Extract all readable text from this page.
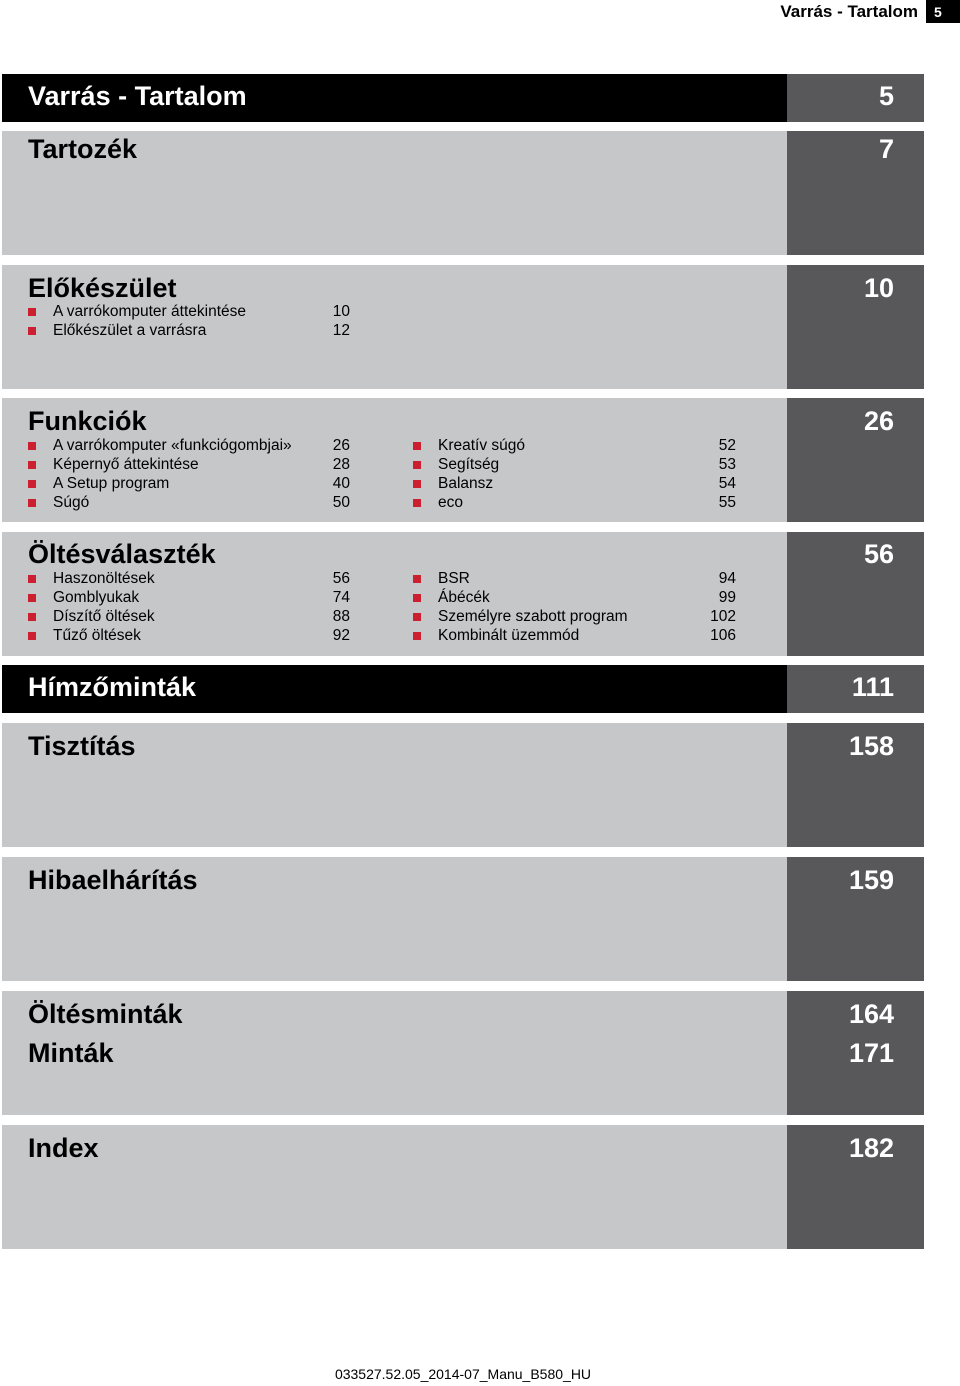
Varrás - Tartalom	5
Varrás - Tartalom	5
Tartozék	7
Előkészület	10
A varrókomputer áttekintése	10
Előkészület a varrásra	12
Funkciók	26
A varrókomputer «funkciógombjai»	26
Képernyő áttekintése	28
A Setup program	40
Súgó	50
Kreatív súgó	52
Segítség	53
Balansz	54
eco	55
Öltésválaszték	56
Haszonöltések	56
Gomblyukak	74
Díszítő öltések	88
Tűző öltések	92
BSR	94
Ábécék	99
Személyre szabott program	102
Kombinált üzemmód	106
Hímzőminták	111
Tisztítás	158
Hibaelhárítás	159
Öltésminták	164
Minták	171
Index	182
033527.52.05_2014-07_Manu_B580_HU
